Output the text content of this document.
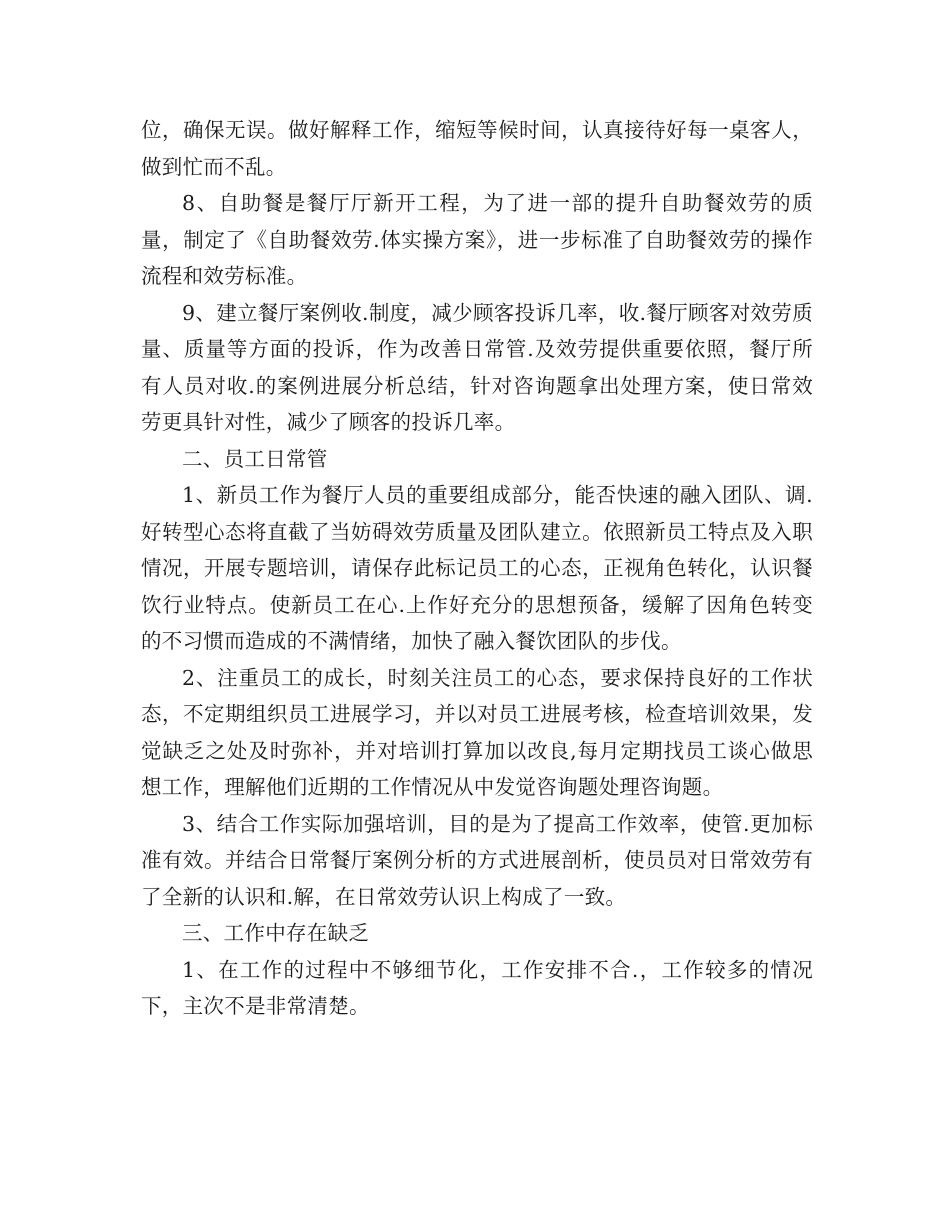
位，确保无误。做好解释工作，缩短等候时间，认真接待好每一桌客人，做到忙而不乱。

8、自助餐是餐厅厅新开工程，为了进一部的提升自助餐效劳的质量，制定了《自助餐效劳.体实操方案》，进一步标准了自助餐效劳的操作流程和效劳标准。

9、建立餐厅案例收.制度，减少顾客投诉几率，收.餐厅顾客对效劳质量、质量等方面的投诉，作为改善日常管.及效劳提供重要依照，餐厅所有人员对收.的案例进展分析总结，针对咨询题拿出处理方案，使日常效劳更具针对性，减少了顾客的投诉几率。

二、员工日常管

1、新员工作为餐厅人员的重要组成部分，能否快速的融入团队、调.好转型心态将直截了当妨碍效劳质量及团队建立。依照新员工特点及入职情况，开展专题培训，请保存此标记员工的心态，正视角色转化，认识餐饮行业特点。使新员工在心.上作好充分的思想预备，缓解了因角色转变的不习惯而造成的不满情绪，加快了融入餐饮团队的步伐。

2、注重员工的成长，时刻关注员工的心态，要求保持良好的工作状态，不定期组织员工进展学习，并以对员工进展考核，检查培训效果，发觉缺乏之处及时弥补，并对培训打算加以改良,每月定期找员工谈心做思想工作，理解他们近期的工作情况从中发觉咨询题处理咨询题。

3、结合工作实际加强培训，目的是为了提高工作效率，使管.更加标准有效。并结合日常餐厅案例分析的方式进展剖析，使员员对日常效劳有了全新的认识和.解，在日常效劳认识上构成了一致。

三、工作中存在缺乏

1、在工作的过程中不够细节化，工作安排不合.，工作较多的情况下，主次不是非常清楚。
